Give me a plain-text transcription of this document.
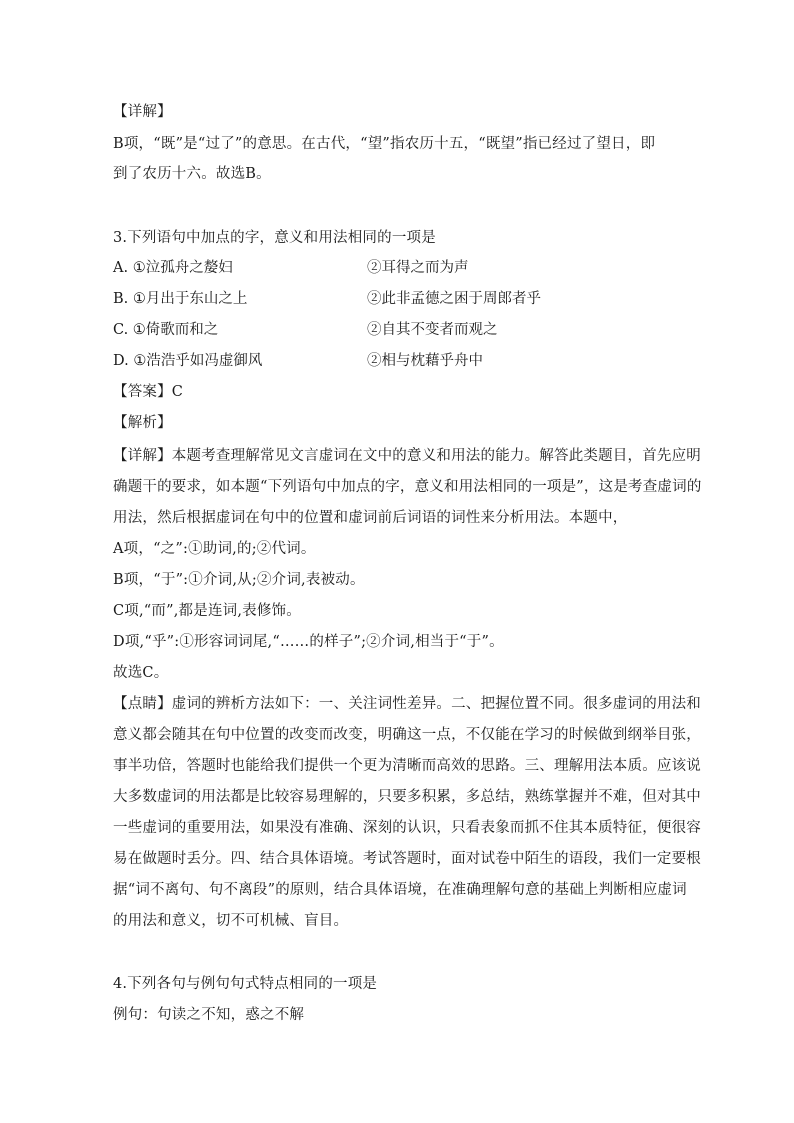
【详解】
B项，“既”是“过了”的意思。在古代，“望”指农历十五，“既望”指已经过了望日，即
到了农历十六。故选B。
3.下列语句中加点的字，意义和用法相同的一项是
A. ①泣孤舟之嫠妇	②耳得之而为声
B. ①月出于东山之上	②此非孟德之困于周郎者乎
C. ①倚歌而和之	②自其不变者而观之
D. ①浩浩乎如冯虚御风	②相与枕藉乎舟中
【答案】C
【解析】
【详解】本题考查理解常见文言虚词在文中的意义和用法的能力。解答此类题目，首先应明
确题干的要求，如本题“下列语句中加点的字，意义和用法相同的一项是”，这是考查虚词的
用法，然后根据虚词在句中的位置和虚词前后词语的词性来分析用法。本题中，
A项，“之”:①助词,的;②代词。
B项，“于”:①介词,从;②介词,表被动。
C项,“而”,都是连词,表修饰。
D项,“乎”:①形容词词尾,“……的样子”;②介词,相当于“于”。
故选C。
【点睛】虚词的辨析方法如下：一、关注词性差异。二、把握位置不同。很多虚词的用法和
意义都会随其在句中位置的改变而改变，明确这一点，不仅能在学习的时候做到纲举目张，
事半功倍，答题时也能给我们提供一个更为清晰而高效的思路。三、理解用法本质。应该说
大多数虚词的用法都是比较容易理解的，只要多积累，多总结，熟练掌握并不难，但对其中
一些虚词的重要用法，如果没有准确、深刻的认识，只看表象而抓不住其本质特征，便很容
易在做题时丢分。四、结合具体语境。考试答题时，面对试卷中陌生的语段，我们一定要根
据“词不离句、句不离段”的原则，结合具体语境，在准确理解句意的基础上判断相应虚词
的用法和意义，切不可机械、盲目。
4.下列各句与例句句式特点相同的一项是
例句：句读之不知，惑之不解
